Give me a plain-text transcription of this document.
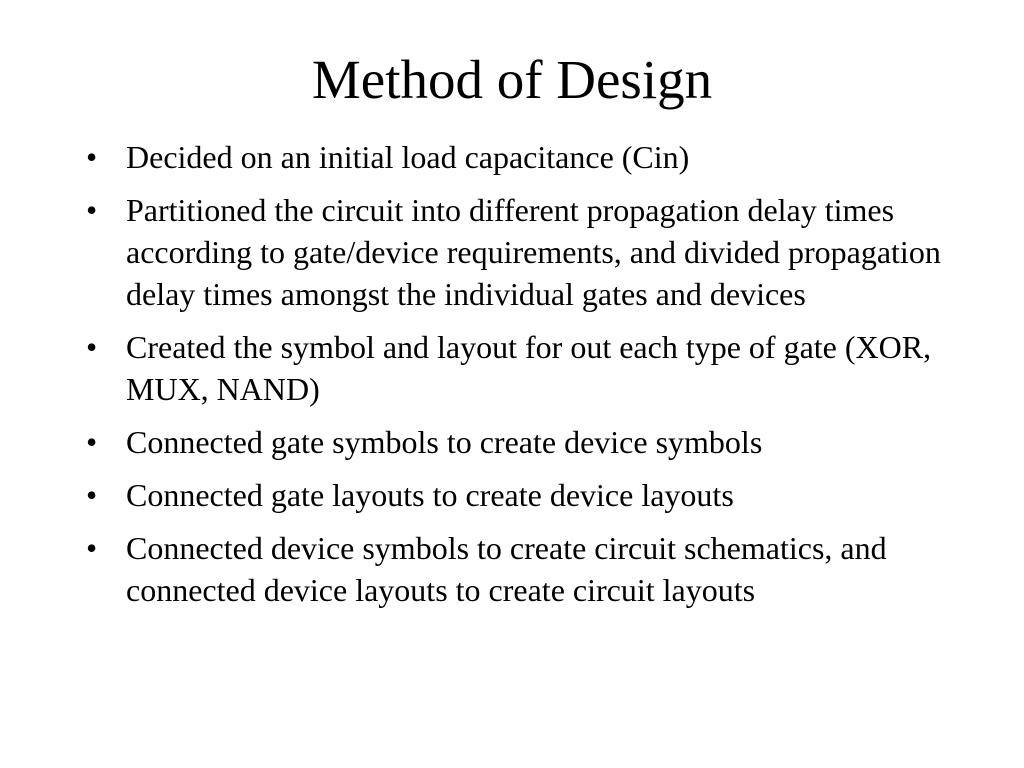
Method of Design
• Decided on an initial load capacitance (Cin)
• Partitioned the circuit into different propagation delay times according to gate/device requirements, and divided propagation delay times amongst the individual gates and devices
• Created the symbol and layout for out each type of gate (XOR, MUX, NAND)
• Connected gate symbols to create device symbols
• Connected gate layouts to create device layouts
• Connected device symbols to create circuit schematics, and connected device layouts to create circuit layouts
